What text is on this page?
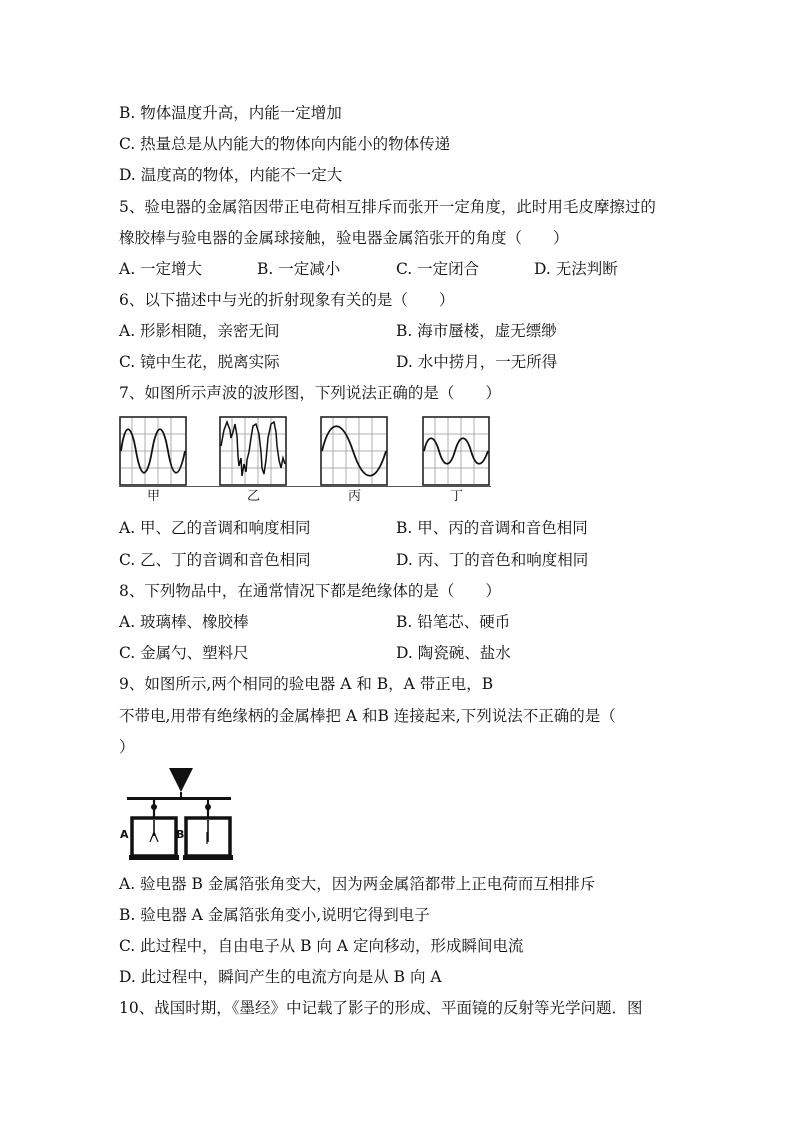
B. 物体温度升高，内能一定增加
C. 热量总是从内能大的物体向内能小的物体传递
D. 温度高的物体，内能不一定大
5、验电器的金属箔因带正电荷相互排斥而张开一定角度，此时用毛皮摩擦过的
橡胶棒与验电器的金属球接触，验电器金属箔张开的角度（　　）
A. 一定增大	B. 一定减小	C. 一定闭合	D. 无法判断
6、以下描述中与光的折射现象有关的是（　　）
A. 形影相随，亲密无间	B. 海市蜃楼，虚无缥缈
C. 镜中生花，脱离实际	D. 水中捞月，一无所得
7、如图所示声波的波形图，下列说法正确的是（　　）
甲	乙	丙	丁
A. 甲、乙的音调和响度相同	B. 甲、丙的音调和音色相同
C. 乙、丁的音调和音色相同	D. 丙、丁的音色和响度相同
8、下列物品中，在通常情况下都是绝缘体的是（　　）
A. 玻璃棒、橡胶棒	B. 铅笔芯、硬币
C. 金属勺、塑料尺	D. 陶瓷碗、盐水
9、如图所示,两个相同的验电器 A 和 B，A 带正电，B
不带电,用带有绝缘柄的金属棒把 A 和B 连接起来,下列说法不正确的是（
）
A	B
A. 验电器 B 金属箔张角变大，因为两金属箔都带上正电荷而互相排斥
B. 验电器 A 金属箔张角变小,说明它得到电子
C. 此过程中，自由电子从 B 向 A 定向移动，形成瞬间电流
D. 此过程中，瞬间产生的电流方向是从 B 向 A
10、战国时期，《墨经》中记载了影子的形成、平面镜的反射等光学问题．图
